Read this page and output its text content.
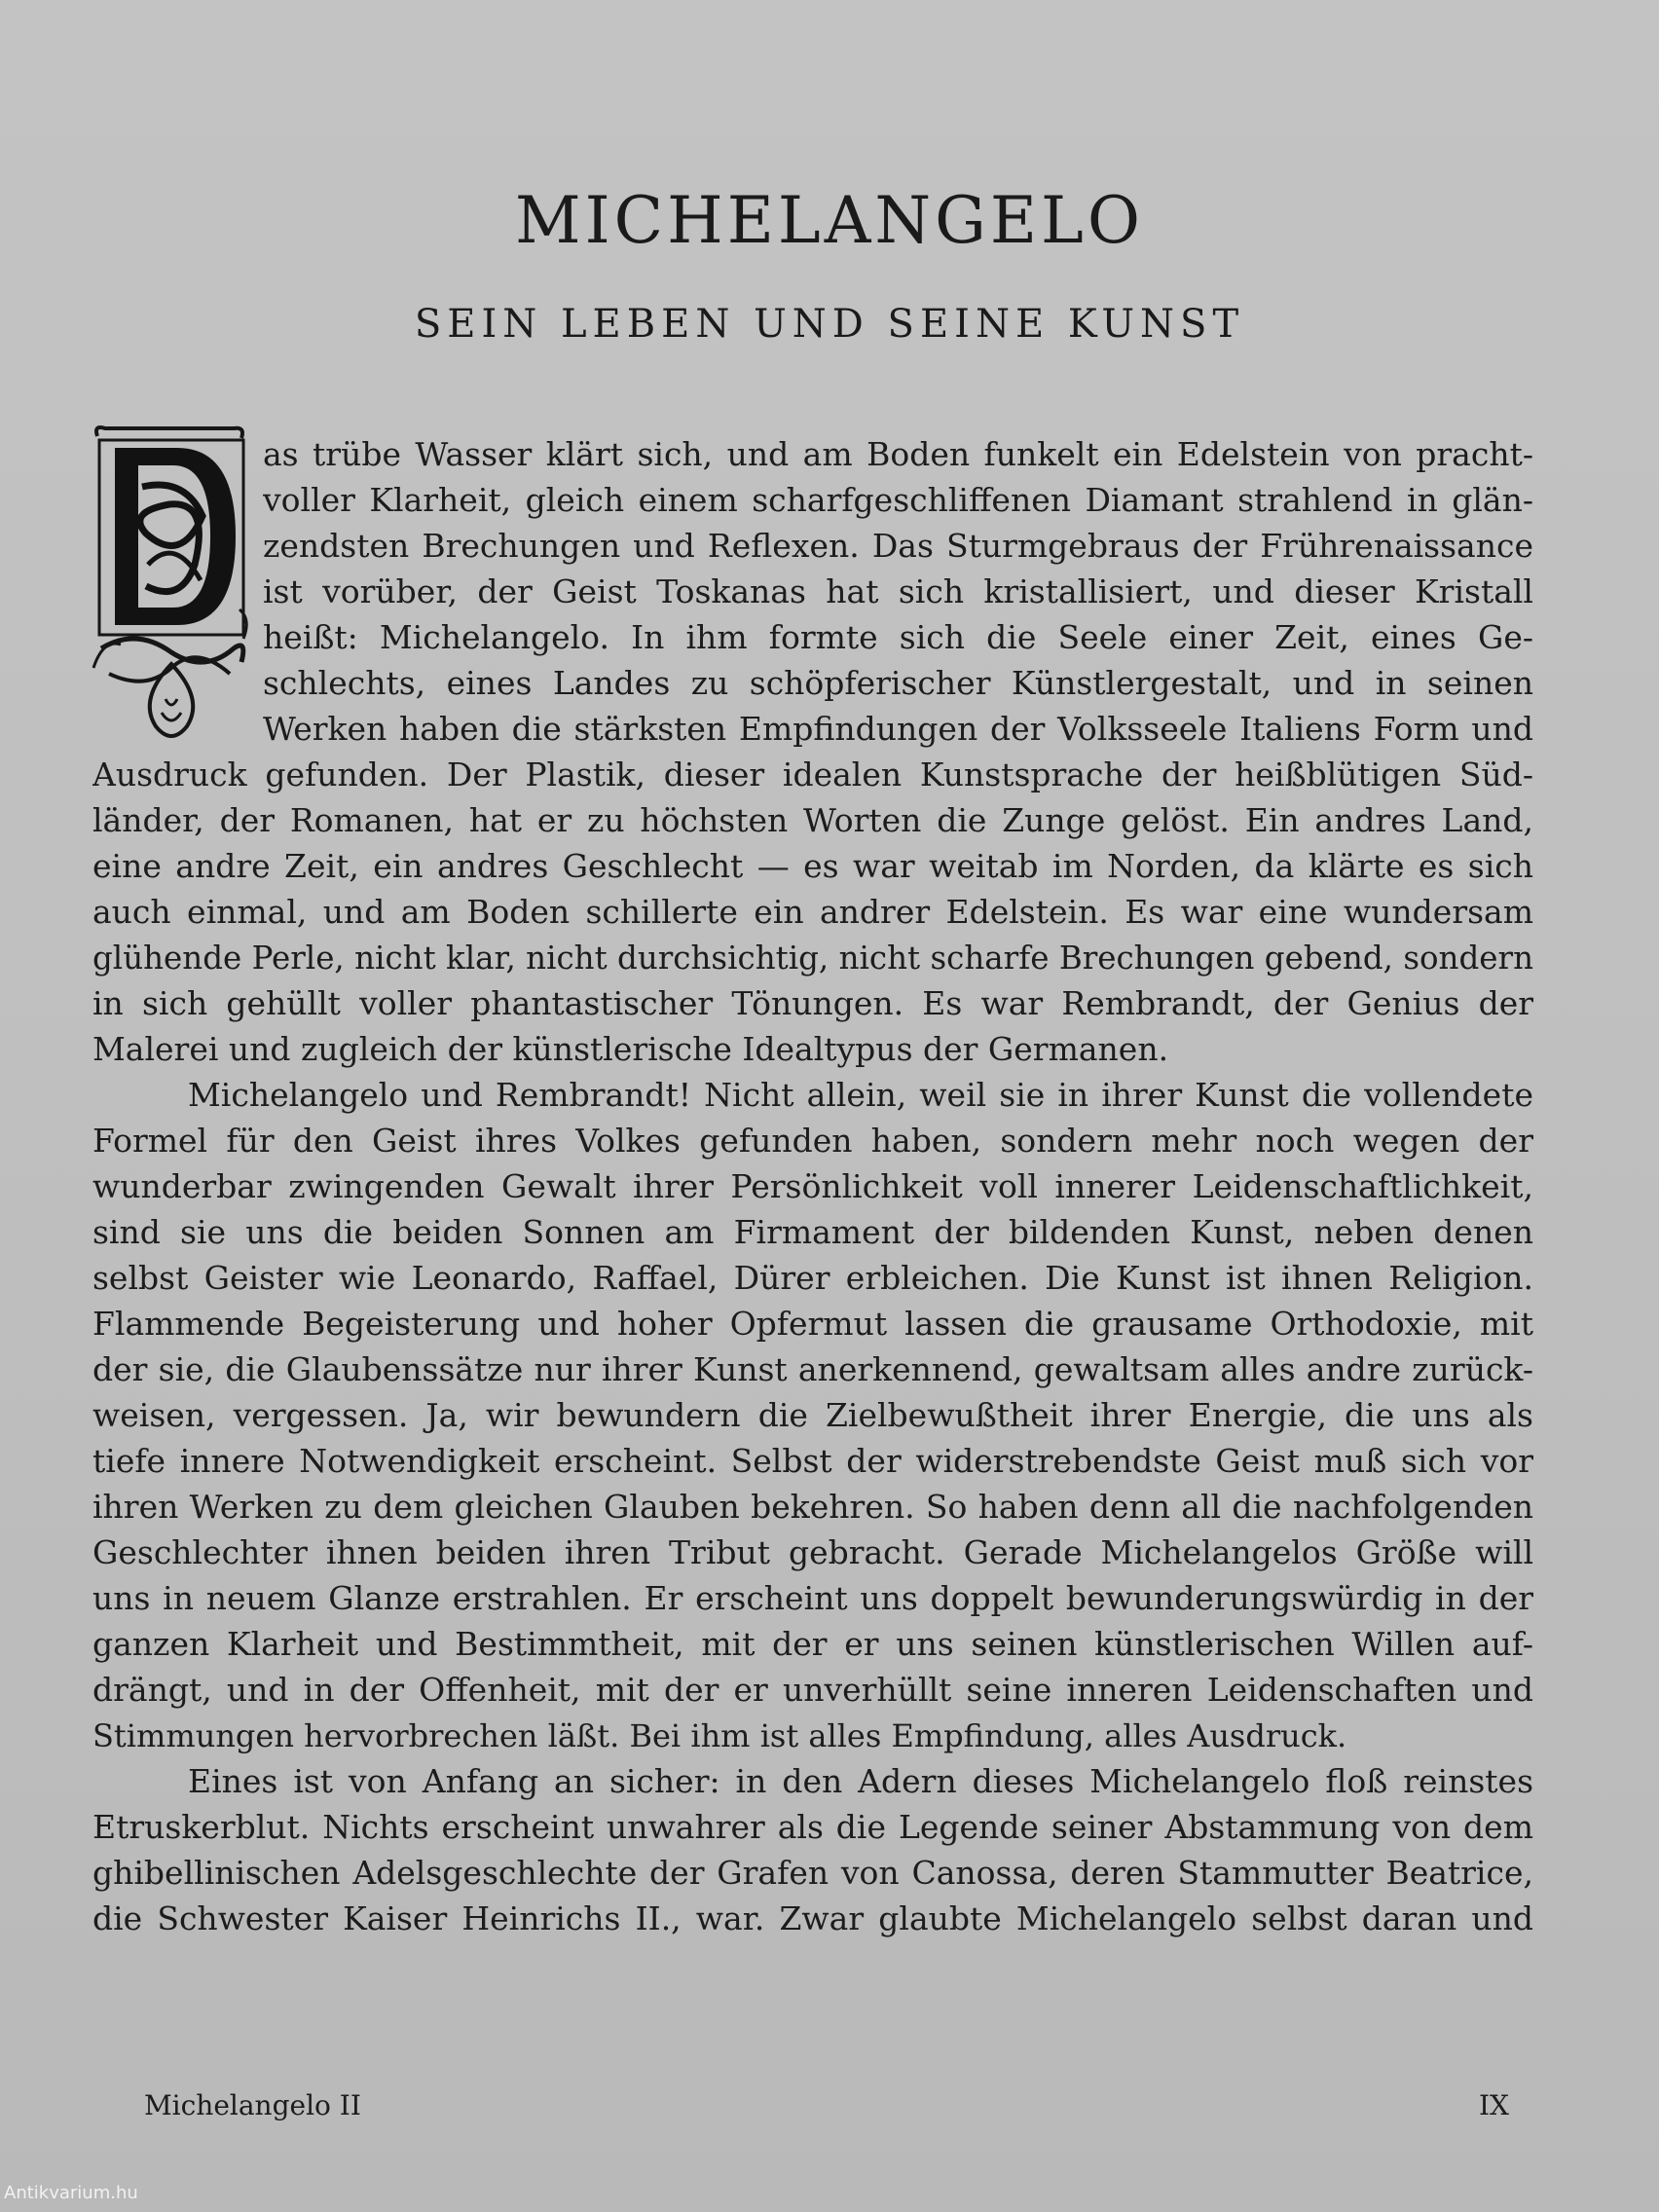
MICHELANGELO
SEIN LEBEN UND SEINE KUNST
as trübe Wasser klärt sich, und am Boden funkelt ein Edelstein von pracht-
voller Klarheit, gleich einem scharfgeschliffenen Diamant strahlend in glän-
zendsten Brechungen und Reflexen. Das Sturmgebraus der Frührenaissance
ist vorüber, der Geist Toskanas hat sich kristallisiert, und dieser Kristall
heißt: Michelangelo. In ihm formte sich die Seele einer Zeit, eines Ge-
schlechts, eines Landes zu schöpferischer Künstlergestalt, und in seinen
Werken haben die stärksten Empfindungen der Volksseele Italiens Form und
Ausdruck gefunden. Der Plastik, dieser idealen Kunstsprache der heißblütigen Süd-
länder, der Romanen, hat er zu höchsten Worten die Zunge gelöst. Ein andres Land,
eine andre Zeit, ein andres Geschlecht — es war weitab im Norden, da klärte es sich
auch einmal, und am Boden schillerte ein andrer Edelstein. Es war eine wundersam
glühende Perle, nicht klar, nicht durchsichtig, nicht scharfe Brechungen gebend, sondern
in sich gehüllt voller phantastischer Tönungen. Es war Rembrandt, der Genius der
Malerei und zugleich der künstlerische Idealtypus der Germanen.
Michelangelo und Rembrandt! Nicht allein, weil sie in ihrer Kunst die vollendete
Formel für den Geist ihres Volkes gefunden haben, sondern mehr noch wegen der
wunderbar zwingenden Gewalt ihrer Persönlichkeit voll innerer Leidenschaftlichkeit,
sind sie uns die beiden Sonnen am Firmament der bildenden Kunst, neben denen
selbst Geister wie Leonardo, Raffael, Dürer erbleichen. Die Kunst ist ihnen Religion.
Flammende Begeisterung und hoher Opfermut lassen die grausame Orthodoxie, mit
der sie, die Glaubenssätze nur ihrer Kunst anerkennend, gewaltsam alles andre zurück-
weisen, vergessen. Ja, wir bewundern die Zielbewußtheit ihrer Energie, die uns als
tiefe innere Notwendigkeit erscheint. Selbst der widerstrebendste Geist muß sich vor
ihren Werken zu dem gleichen Glauben bekehren. So haben denn all die nachfolgenden
Geschlechter ihnen beiden ihren Tribut gebracht. Gerade Michelangelos Größe will
uns in neuem Glanze erstrahlen. Er erscheint uns doppelt bewunderungswürdig in der
ganzen Klarheit und Bestimmtheit, mit der er uns seinen künstlerischen Willen auf-
drängt, und in der Offenheit, mit der er unverhüllt seine inneren Leidenschaften und
Stimmungen hervorbrechen läßt. Bei ihm ist alles Empfindung, alles Ausdruck.
Eines ist von Anfang an sicher: in den Adern dieses Michelangelo floß reinstes
Etruskerblut. Nichts erscheint unwahrer als die Legende seiner Abstammung von dem
ghibellinischen Adelsgeschlechte der Grafen von Canossa, deren Stammutter Beatrice,
die Schwester Kaiser Heinrichs II., war. Zwar glaubte Michelangelo selbst daran und
Michelangelo II	IX
Antikvarium.hu
